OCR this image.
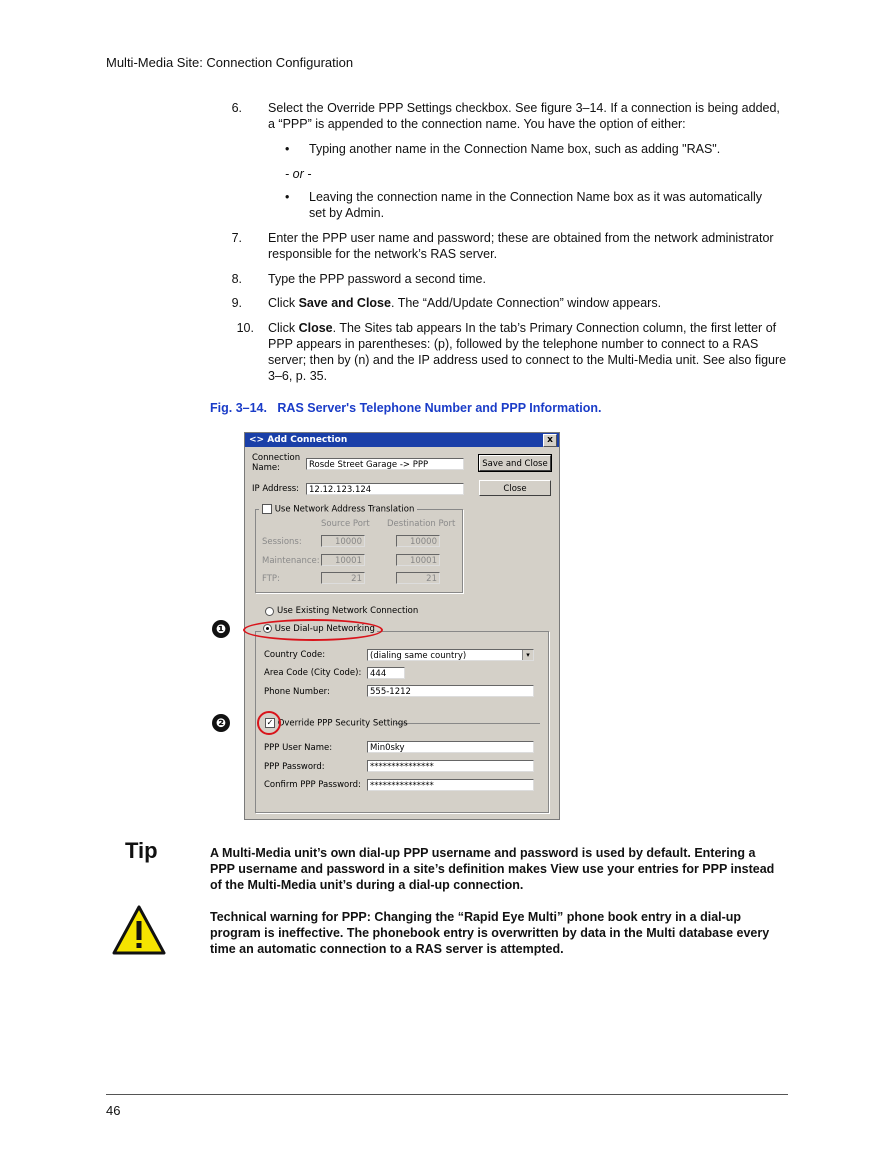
Multi-Media Site: Connection Configuration
6. Select the Override PPP Settings checkbox. See figure 3–14. If a connection is being added, a “PPP” is appended to the connection name. You have the option of either:
• Typing another name in the Connection Name box, such as adding "RAS".
- or -
• Leaving the connection name in the Connection Name box as it was automatically set by Admin.
7. Enter the PPP user name and password; these are obtained from the network administrator responsible for the network’s RAS server.
8. Type the PPP password a second time.
9. Click Save and Close. The “Add/Update Connection” window appears.
10. Click Close. The Sites tab appears In the tab’s Primary Connection column, the first letter of PPP appears in parentheses: (p), followed by the telephone number to connect to a RAS server; then by (n) and the IP address used to connect to the Multi-Media unit. See also figure 3–6, p. 35.
Fig. 3–14.   RAS Server's Telephone Number and PPP Information.
<> Add Connection	x
Connection
Name:	Rosde Street Garage -> PPP	Save and Close
IP Address:	12.12.123.124	Close
Use Network Address Translation
Source Port Destination Port
Sessions:	10000	10000
Maintenance:	10001	10001
FTP:	21	21
Use Existing Network Connection
Use Dial-up Networking
Country Code:	(dialing same country)	▾
Area Code (City Code):	444
Phone Number:	555-1212
✓ Override PPP Security Settings
PPP User Name:	Min0sky
PPP Password:	***************
Confirm PPP Password:	***************
❶
❷
Tip	A Multi-Media unit’s own dial-up PPP username and password is used by default. Entering a PPP username and password in a site’s definition makes View use your entries for PPP instead of the Multi-Media unit’s during a dial-up connection.
Technical warning for PPP: Changing the “Rapid Eye Multi” phone book entry in a dial-up program is ineffective. The phonebook entry is overwritten by data in the Multi database every time an automatic connection to a RAS server is attempted.
46
